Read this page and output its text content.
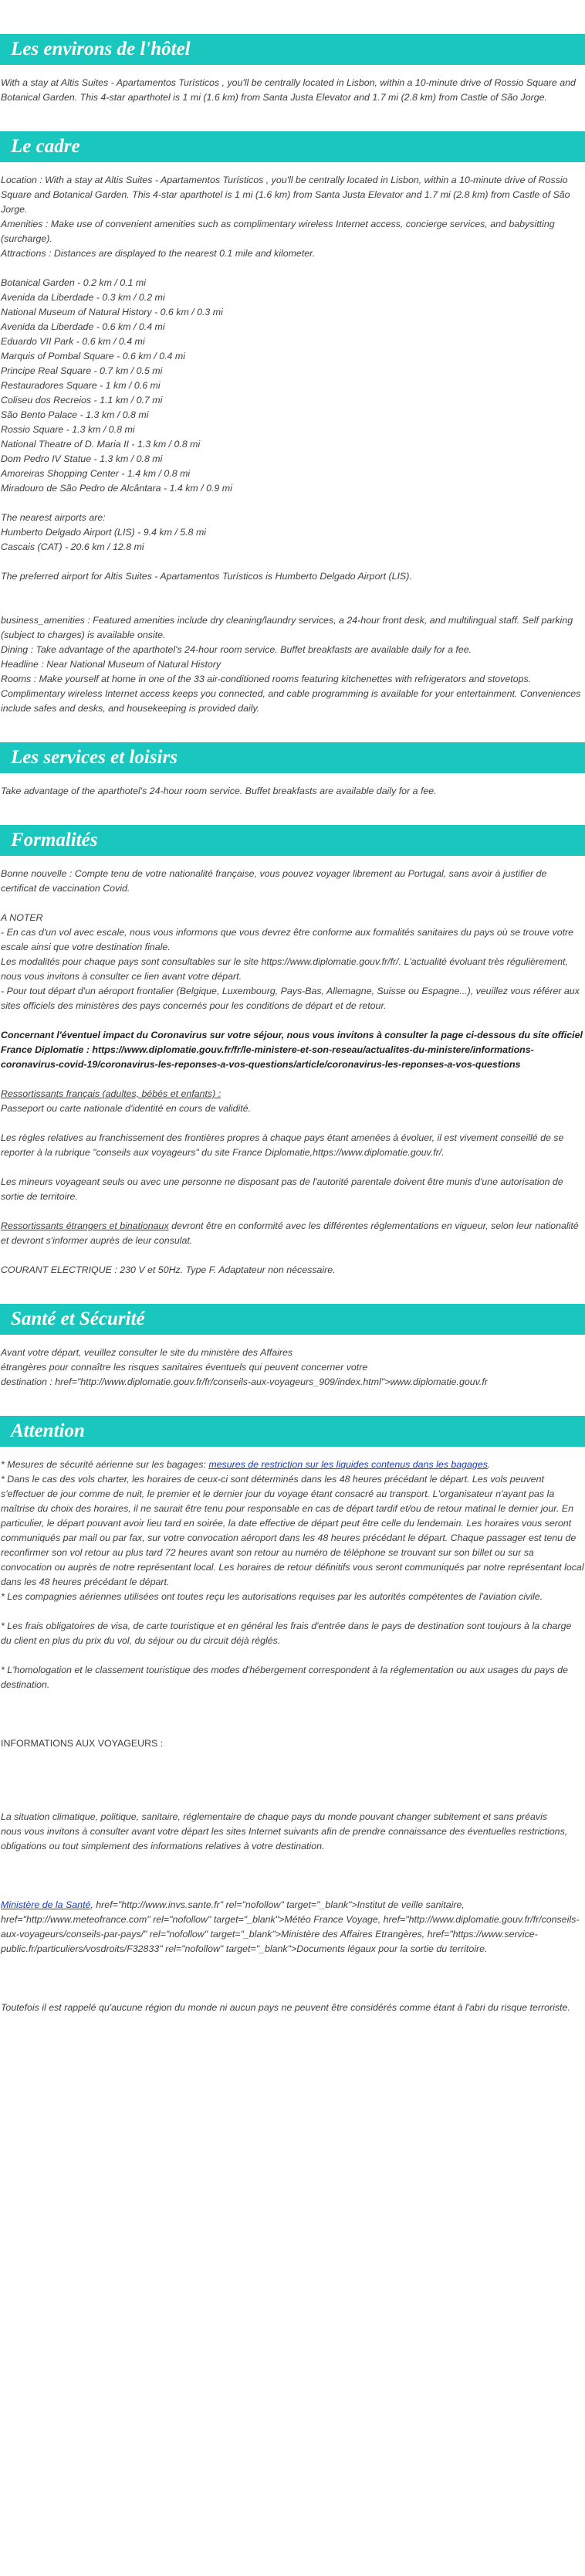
Les environs de l'hôtel

With a stay at Altis Suites - Apartamentos Turísticos , you'll be centrally located in Lisbon, within a 10-minute drive of Rossio Square and Botanical Garden. This 4-star aparthotel is 1 mi (1.6 km) from Santa Justa Elevator and 1.7 mi (2.8 km) from Castle of São Jorge.

Le cadre
Location : With a stay at Altis Suites - Apartamentos Turísticos , you'll be centrally located in Lisbon, within a 10-minute drive of Rossio Square and Botanical Garden. This 4-star aparthotel is 1 mi (1.6 km) from Santa Justa Elevator and 1.7 mi (2.8 km) from Castle of São Jorge.
Amenities : Make use of convenient amenities such as complimentary wireless Internet access, concierge services, and babysitting (surcharge).
Attractions : Distances are displayed to the nearest 0.1 mile and kilometer.
Botanical Garden - 0.2 km / 0.1 mi
Avenida da Liberdade - 0.3 km / 0.2 mi
National Museum of Natural History - 0.6 km / 0.3 mi
Avenida da Liberdade - 0.6 km / 0.4 mi
Eduardo VII Park - 0.6 km / 0.4 mi
Marquis of Pombal Square - 0.6 km / 0.4 mi
Principe Real Square - 0.7 km / 0.5 mi
Restauradores Square - 1 km / 0.6 mi
Coliseu dos Recreios - 1.1 km / 0.7 mi
São Bento Palace - 1.3 km / 0.8 mi
Rossio Square - 1.3 km / 0.8 mi
National Theatre of D. Maria II - 1.3 km / 0.8 mi
Dom Pedro IV Statue - 1.3 km / 0.8 mi
Amoreiras Shopping Center - 1.4 km / 0.8 mi
Miradouro de São Pedro de Alcântara - 1.4 km / 0.9 mi
The nearest airports are:
Humberto Delgado Airport (LIS) - 9.4 km / 5.8 mi
Cascais (CAT) - 20.6 km / 12.8 mi

The preferred airport for Altis Suites - Apartamentos Turísticos is Humberto Delgado Airport (LIS).

business_amenities : Featured amenities include dry cleaning/laundry services, a 24-hour front desk, and multilingual staff. Self parking (subject to charges) is available onsite.
Dining : Take advantage of the aparthotel's 24-hour room service. Buffet breakfasts are available daily for a fee.
Headline : Near National Museum of Natural History
Rooms : Make yourself at home in one of the 33 air-conditioned rooms featuring kitchenettes with refrigerators and stovetops. Complimentary wireless Internet access keeps you connected, and cable programming is available for your entertainment. Conveniences include safes and desks, and housekeeping is provided daily.
Les services et loisirs

Take advantage of the aparthotel's 24-hour room service. Buffet breakfasts are available daily for a fee.

Formalités

Bonne nouvelle : Compte tenu de votre nationalité française, vous pouvez voyager librement au Portugal, sans avoir à justifier de certificat de vaccination Covid.

A NOTER
- En cas d'un vol avec escale, nous vous informons que vous devrez être conforme aux formalités sanitaires du pays où se trouve votre escale ainsi que votre destination finale.
Les modalités pour chaque pays sont consultables sur le site https://www.diplomatie.gouv.fr/fr/. L'actualité évoluant très régulièrement, nous vous invitons à consulter ce lien avant votre départ.
- Pour tout départ d'un aéroport frontalier (Belgique, Luxembourg, Pays-Bas, Allemagne, Suisse ou Espagne...), veuillez vous référer aux sites officiels des ministères des pays concernés pour les conditions de départ et de retour.

Concernant l'éventuel impact du Coronavirus sur votre séjour, nous vous invitons à consulter la page ci-dessous du site officiel France Diplomatie : https://www.diplomatie.gouv.fr/fr/le-ministere-et-son-reseau/actualites-du-ministere/informations-coronavirus-covid-19/coronavirus-les-reponses-a-vos-questions/article/coronavirus-les-reponses-a-vos-questions

Ressortissants français (adultes, bébés et enfants) :
Passeport ou carte nationale d'identité en cours de validité.

Les règles relatives au franchissement des frontières propres à chaque pays étant amenées à évoluer, il est vivement conseillé de se reporter à la rubrique "conseils aux voyageurs" du site France Diplomatie,https://www.diplomatie.gouv.fr/.

Les mineurs voyageant seuls ou avec une personne ne disposant pas de l'autorité parentale doivent être munis d'une autorisation de sortie de territoire.

Ressortissants étrangers et binationaux devront être en conformité avec les différentes réglementations en vigueur, selon leur nationalité et devront s'informer auprès de leur consulat.

COURANT ELECTRIQUE : 230 V et 50Hz. Type F. Adaptateur non nécessaire.

Santé et Sécurité
Avant votre départ, veuillez consulter le site du ministère des Affaires
étrangères pour connaître les risques sanitaires éventuels qui peuvent concerner votre
destination : href="http://www.diplomatie.gouv.fr/fr/conseils-aux-voyageurs_909/index.html">www.diplomatie.gouv.fr
Attention
* Mesures de sécurité aérienne sur les bagages: mesures de restriction sur les liquides contenus dans les bagages.
* Dans le cas des vols charter, les horaires de ceux-ci sont déterminés dans les 48 heures précédant le départ. Les vols peuvent s'effectuer de jour comme de nuit, le premier et le dernier jour du voyage étant consacré au transport. L'organisateur n'ayant pas la maîtrise du choix des horaires, il ne saurait être tenu pour responsable en cas de départ tardif et/ou de retour matinal le dernier jour. En particulier, le départ pouvant avoir lieu tard en soirée, la date effective de départ peut être celle du lendemain. Les horaires vous seront communiqués par mail ou par fax, sur votre convocation aéroport dans les 48 heures précédant le départ. Chaque passager est tenu de reconfirmer son vol retour au plus tard 72 heures avant son retour au numéro de téléphone se trouvant sur son billet ou sur sa convocation ou auprès de notre représentant local. Les horaires de retour définitifs vous seront communiqués par notre représentant local dans les 48 heures précédant le départ.
* Les compagnies aériennes utilisées ont toutes reçu les autorisations requises par les autorités compétentes de l'aviation civile.

* Les frais obligatoires de visa, de carte touristique et en général les frais d'entrée dans le pays de destination sont toujours à la charge du client en plus du prix du vol, du séjour ou du circuit déjà réglés.

* L'homologation et le classement touristique des modes d'hébergement correspondent à la réglementation ou aux usages du pays de destination.

INFORMATIONS AUX VOYAGEURS :

La situation climatique, politique, sanitaire, réglementaire de chaque pays du monde pouvant changer subitement et sans préavis
nous vous invitons à consulter avant votre départ les sites Internet suivants afin de prendre connaissance des éventuelles restrictions, obligations ou tout simplement des informations relatives à votre destination.

Ministère de la Santé, href="http://www.invs.sante.fr" rel="nofollow" target="_blank">Institut de veille sanitaire, href="http://www.meteofrance.com" rel="nofollow" target="_blank">Météo France Voyage, href="http://www.diplomatie.gouv.fr/fr/conseils-aux-voyageurs/conseils-par-pays/" rel="nofollow" target="_blank">Ministère des Affaires Etrangères, href="https://www.service-public.fr/particuliers/vosdroits/F32833" rel="nofollow" target="_blank">Documents légaux pour la sortie du territoire.

Toutefois il est rappelé qu'aucune région du monde ni aucun pays ne peuvent être considérés comme étant à l'abri du risque terroriste.
